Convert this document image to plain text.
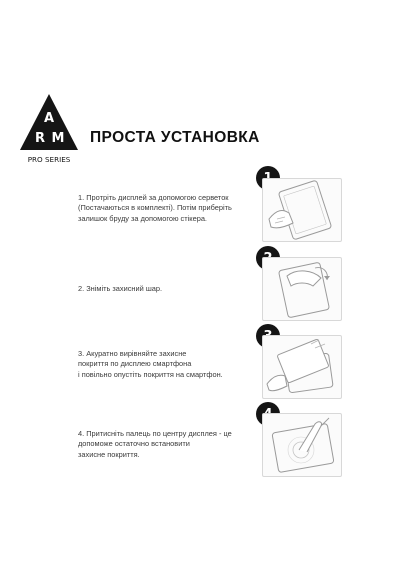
A
R M
PRO SERIES
ПРОСТА УСТАНОВКА
1. Протріть дисплей за допомогою серветок
(Постачаються в комплекті). Потім приберіть
залишок бруду за допомогою стікера.
2. Зніміть захисний шар.
3. Акуратно вирівняйте захисне
покриття по дисплею смартфона
і повільно опустіть покриття на смартфон.
4. Притисніть палець по центру дисплея - це
допоможе остаточно встановити
захисне покриття.
